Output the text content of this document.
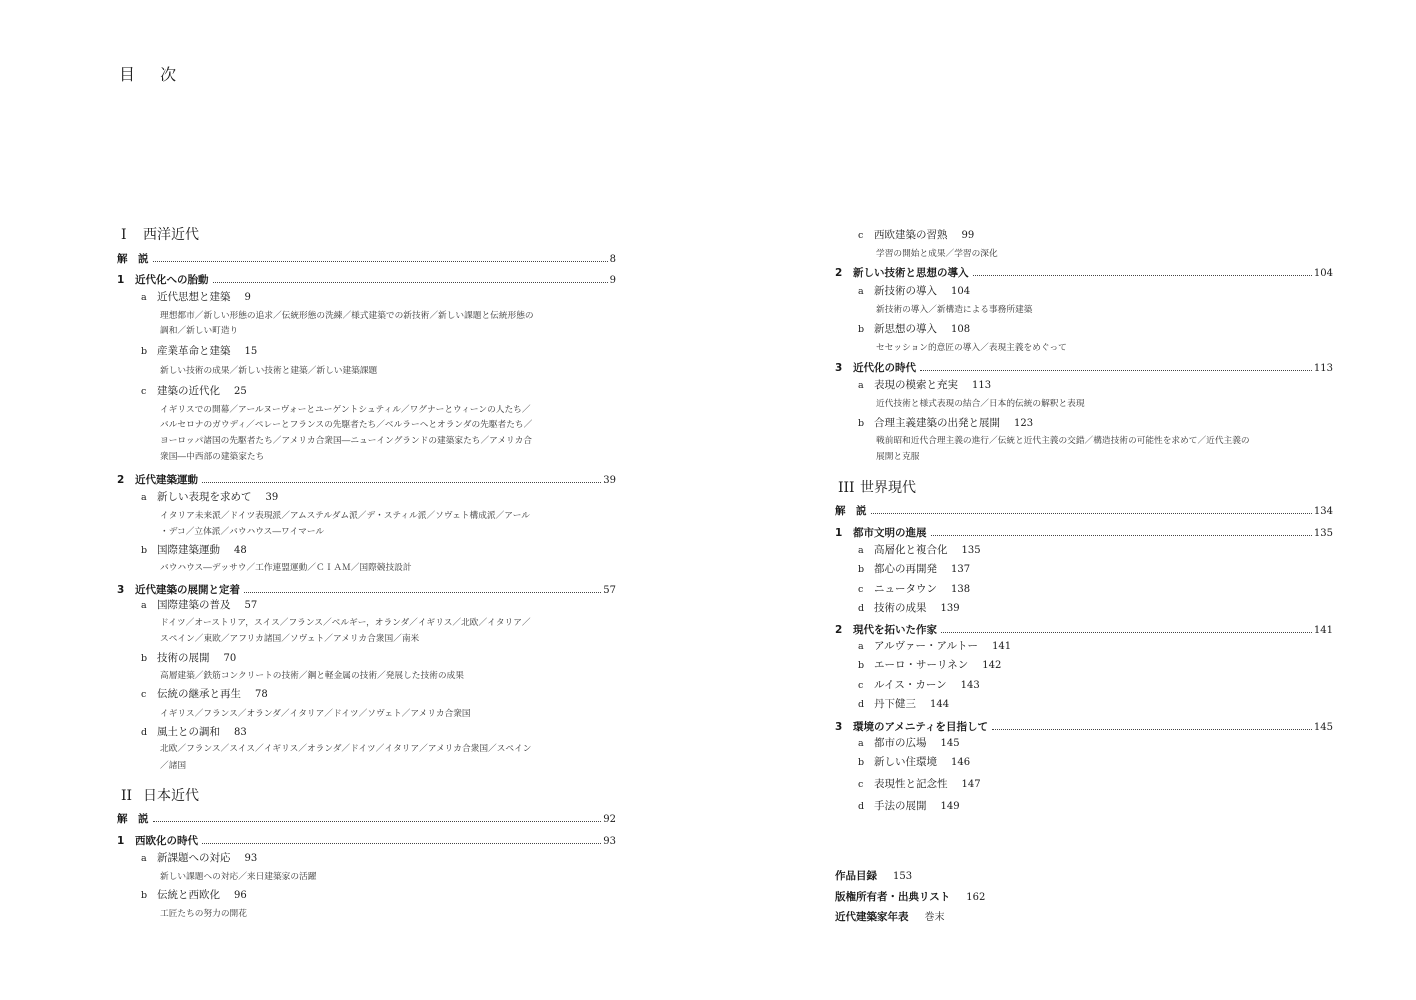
目 次
I 西洋近代
解　説	8
1 近代化への胎動	9
a 近代思想と建築 9
理想都市／新しい形態の追求／伝統形態の洗練／様式建築での新技術／新しい課題と伝統形態の
調和／新しい町造り
b 産業革命と建築 15
新しい技術の成果／新しい技術と建築／新しい建築課題
c 建築の近代化 25
イギリスでの開幕／アールヌーヴォーとユーゲントシュティル／ワグナーとウィーンの人たち／
バルセロナのガウディ／ペレーとフランスの先駆者たち／ベルラーヘとオランダの先駆者たち／
ヨーロッパ諸国の先駆者たち／アメリカ合衆国―ニューイングランドの建築家たち／アメリカ合
衆国―中西部の建築家たち
2 近代建築運動	39
a 新しい表現を求めて 39
イタリア未来派／ドイツ表現派／アムステルダム派／デ・スティル派／ソヴェト構成派／アール
・デコ／立体派／バウハウス―ワイマール
b 国際建築運動 48
バウハウス―デッサウ／工作連盟運動／ＣＩＡＭ／国際競技設計
3 近代建築の展開と定着	57
a 国際建築の普及 57
ドイツ／オーストリア，スイス／フランス／ベルギー，オランダ／イギリス／北欧／イタリア／
スペイン／東欧／アフリカ諸国／ソヴェト／アメリカ合衆国／南米
b 技術の展開 70
高層建築／鉄筋コンクリートの技術／鋼と軽金属の技術／発展した技術の成果
c 伝統の継承と再生 78
イギリス／フランス／オランダ／イタリア／ドイツ／ソヴェト／アメリカ合衆国
d 風土との調和 83
北欧／フランス／スイス／イギリス／オランダ／ドイツ／イタリア／アメリカ合衆国／スペイン
／諸国
II 日本近代
解　説	92
1 西欧化の時代	93
a 新課題への対応 93
新しい課題への対応／来日建築家の活躍
b 伝統と西欧化 96
工匠たちの努力の開花
c 西欧建築の習熟 99
学習の開始と成果／学習の深化
2 新しい技術と思想の導入	104
a 新技術の導入 104
新技術の導入／新構造による事務所建築
b 新思想の導入 108
セセッション的意匠の導入／表現主義をめぐって
3 近代化の時代	113
a 表現の模索と充実 113
近代技術と様式表現の結合／日本的伝統の解釈と表現
b 合理主義建築の出発と展開 123
戦前昭和近代合理主義の進行／伝統と近代主義の交錯／構造技術の可能性を求めて／近代主義の
展開と克服
III 世界現代
解　説	134
1 都市文明の進展	135
a 高層化と複合化 135
b 都心の再開発 137
c ニュータウン 138
d 技術の成果 139
2 現代を拓いた作家	141
a アルヴァー・アルトー 141
b エーロ・サーリネン 142
c ルイス・カーン 143
d 丹下健三 144
3 環境のアメニティを目指して	145
a 都市の広場 145
b 新しい住環境 146
c 表現性と記念性 147
d 手法の展開 149
作品目録 153
版権所有者・出典リスト 162
近代建築家年表 巻末
